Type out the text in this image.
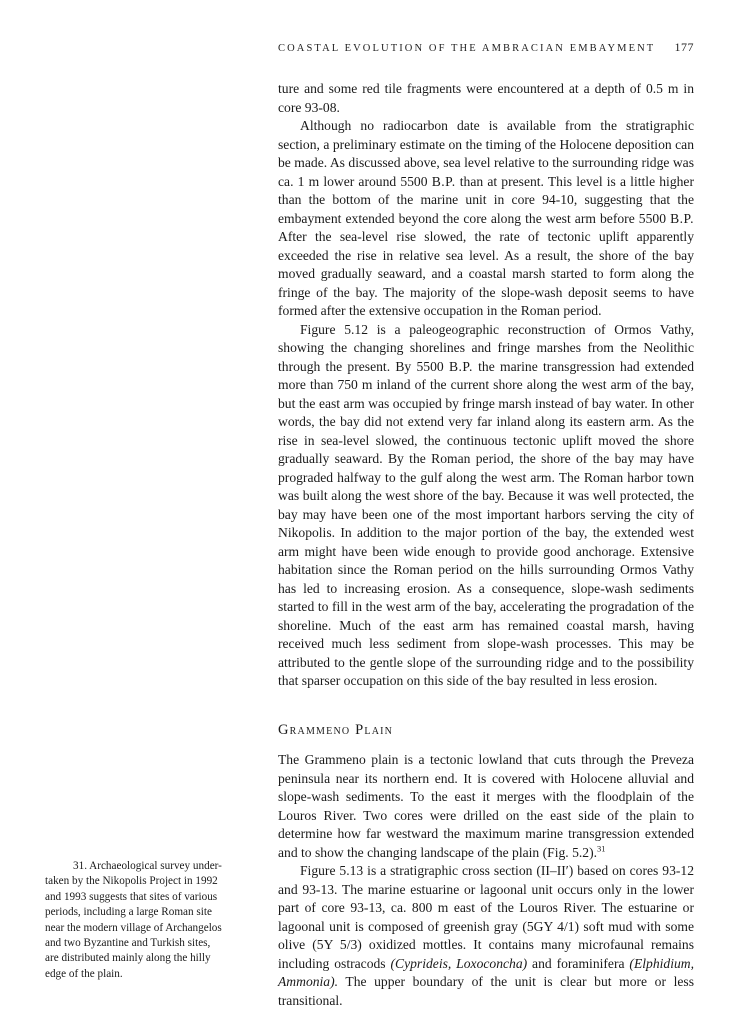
COASTAL EVOLUTION OF THE AMBRACIAN EMBAYMENT 177

ture and some red tile fragments were encountered at a depth of 0.5 m in core 93-08.

Although no radiocarbon date is available from the stratigraphic section, a preliminary estimate on the timing of the Holocene deposition can be made. As discussed above, sea level relative to the surrounding ridge was ca. 1 m lower around 5500 B.P. than at present. This level is a little higher than the bottom of the marine unit in core 94-10, suggesting that the embayment extended beyond the core along the west arm before 5500 B.P. After the sea-level rise slowed, the rate of tectonic uplift apparently exceeded the rise in relative sea level. As a result, the shore of the bay moved gradually seaward, and a coastal marsh started to form along the fringe of the bay. The majority of the slope-wash deposit seems to have formed after the extensive occupation in the Roman period.

Figure 5.12 is a paleogeographic reconstruction of Ormos Vathy, showing the changing shorelines and fringe marshes from the Neolithic through the present. By 5500 B.P. the marine transgression had extended more than 750 m inland of the current shore along the west arm of the bay, but the east arm was occupied by fringe marsh instead of bay water. In other words, the bay did not extend very far inland along its eastern arm. As the rise in sea-level slowed, the continuous tectonic uplift moved the shore gradually seaward. By the Roman period, the shore of the bay may have prograded halfway to the gulf along the west arm. The Roman harbor town was built along the west shore of the bay. Because it was well protected, the bay may have been one of the most important harbors serving the city of Nikopolis. In addition to the major portion of the bay, the extended west arm might have been wide enough to provide good anchorage. Extensive habitation since the Roman period on the hills surrounding Ormos Vathy has led to increasing erosion. As a consequence, slope-wash sediments started to fill in the west arm of the bay, accelerating the progradation of the shoreline. Much of the east arm has remained coastal marsh, having received much less sediment from slope-wash processes. This may be attributed to the gentle slope of the surrounding ridge and to the possibility that sparser occupation on this side of the bay resulted in less erosion.

Grammeno Plain

The Grammeno plain is a tectonic lowland that cuts through the Preveza peninsula near its northern end. It is covered with Holocene alluvial and slope-wash sediments. To the east it merges with the floodplain of the Louros River. Two cores were drilled on the east side of the plain to determine how far westward the maximum marine transgression extended and to show the changing landscape of the plain (Fig. 5.2).$^{31}$

Figure 5.13 is a stratigraphic cross section (II–II′) based on cores 93-12 and 93-13. The marine estuarine or lagoonal unit occurs only in the lower part of core 93-13, ca. 800 m east of the Louros River. The estuarine or lagoonal unit is composed of greenish gray (5GY 4/1) soft mud with some olive (5Y 5/3) oxidized mottles. It contains many microfaunal remains including ostracods (Cyprideis, Loxoconcha) and foraminifera (Elphidium, Ammonia). The upper boundary of the unit is clear but more or less transitional.

31. Archaeological survey under-
taken by the Nikopolis Project in 1992
and 1993 suggests that sites of various
periods, including a large Roman site
near the modern village of Archangelos
and two Byzantine and Turkish sites,
are distributed mainly along the hilly
edge of the plain.
